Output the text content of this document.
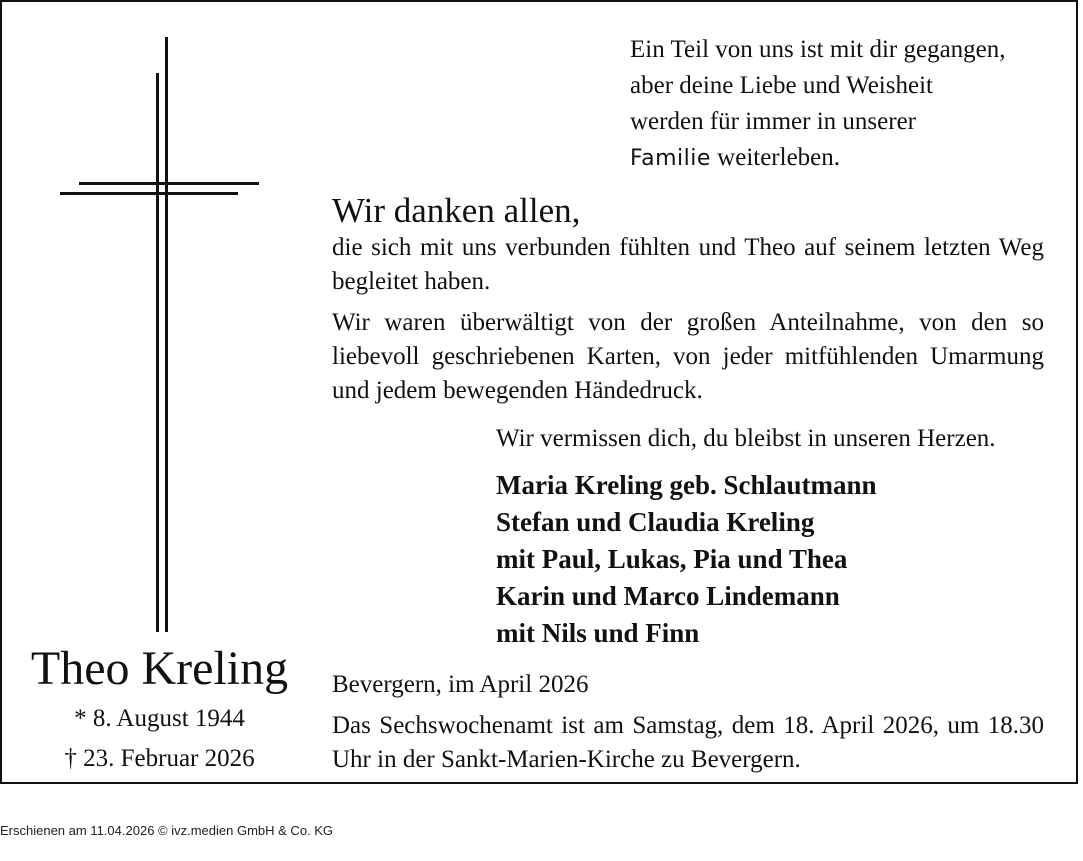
Ein Teil von uns ist mit dir gegangen,
aber deine Liebe und Weisheit
werden für immer in unserer
Familie weiterleben.

Wir danken allen,

die sich mit uns verbunden fühlten und Theo auf seinem letzten Weg begleitet haben.

Wir waren überwältigt von der großen Anteilnahme, von den so liebevoll geschriebenen Karten, von jeder mitfühlenden Umarmung und jedem bewegenden Händedruck.

Wir vermissen dich, du bleibst in unseren Herzen.

Maria Kreling geb. Schlautmann
Stefan und Claudia Kreling
mit Paul, Lukas, Pia und Thea
Karin und Marco Lindemann
mit Nils und Finn

Bevergern, im April 2026

Das Sechswochenamt ist am Samstag, dem 18. April 2026, um 18.30 Uhr in der Sankt-Marien-Kirche zu Bevergern.

Theo Kreling

* 8. August 1944

† 23. Februar 2026

Erschienen am 11.04.2026 © ivz.medien GmbH & Co. KG
